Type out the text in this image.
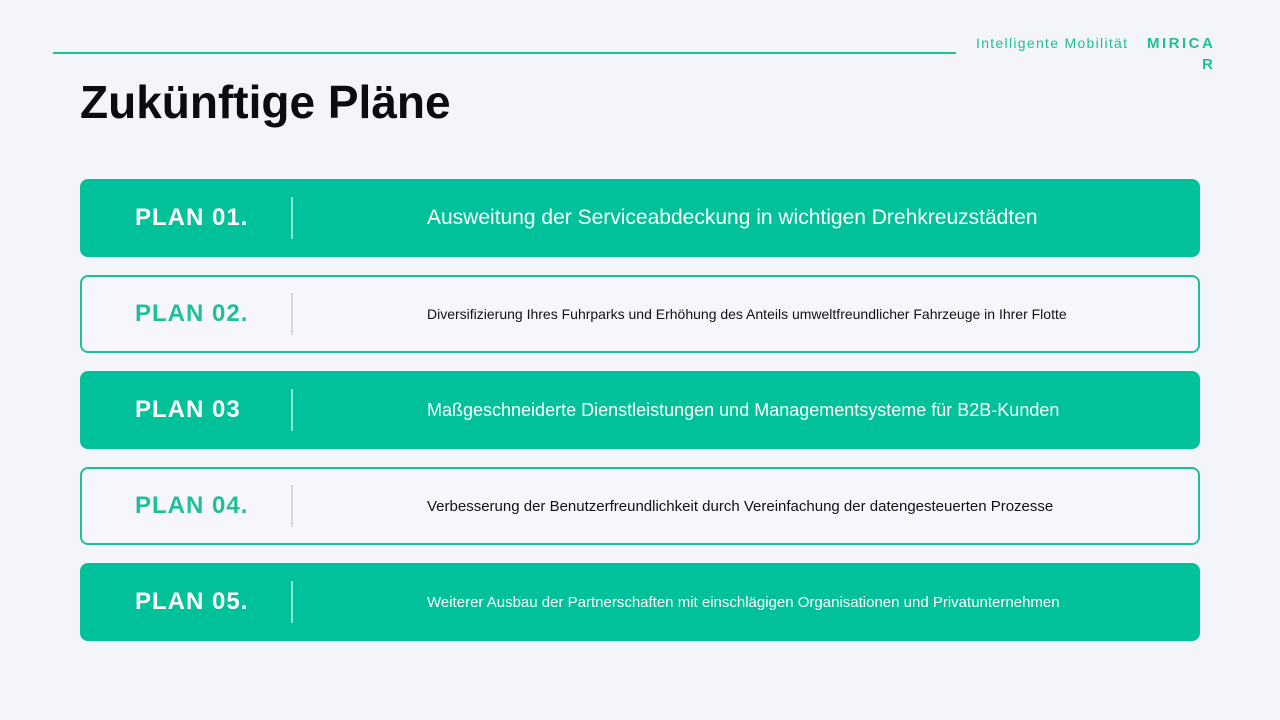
Intelligente Mobilität	MIRICAR
Zukünftige Pläne
PLAN 01.	Ausweitung der Serviceabdeckung in wichtigen Drehkreuzstädten
PLAN 02.	Diversifizierung Ihres Fuhrparks und Erhöhung des Anteils umweltfreundlicher Fahrzeuge in Ihrer Flotte
PLAN 03	Maßgeschneiderte Dienstleistungen und Managementsysteme für B2B-Kunden
PLAN 04.	Verbesserung der Benutzerfreundlichkeit durch Vereinfachung der datengesteuerten Prozesse
PLAN 05.	Weiterer Ausbau der Partnerschaften mit einschlägigen Organisationen und Privatunternehmen
